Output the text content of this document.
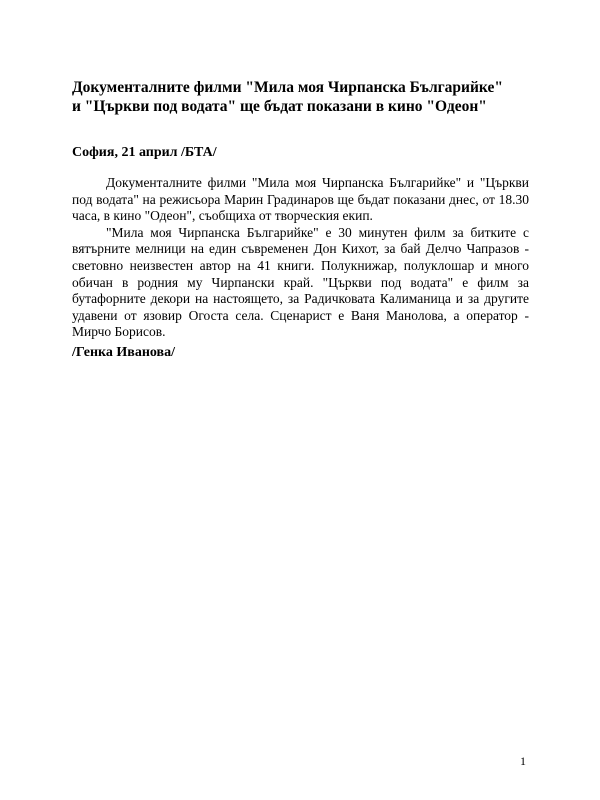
Документалните филми "Мила моя Чирпанска Българийке"
и "Църкви под водата" ще бъдат показани в кино "Одеон"

София, 21 април /БТА/

Документалните филми "Мила моя Чирпанска Българийке" и "Църкви под водата" на режисьора Марин Градинаров ще бъдат показани днес, от 18.30 часа, в кино "Одеон", съобщиха от творческия екип.

"Мила моя Чирпанска Българийке" е 30 минутен филм за битките с вятърните мелници на един съвременен Дон Кихот, за бай Делчо Чапразов - световно неизвестен автор на 41 книги. Полукнижар, полуклошар и много обичан в родния му Чирпански край. "Църкви под водата" е филм за бутафорните декори на настоящето, за Радичковата Калиманица и за другите удавени от язовир Огоста села. Сценарист е Ваня Манолова, а оператор - Мирчо Борисов.

/Генка Иванова/

1
